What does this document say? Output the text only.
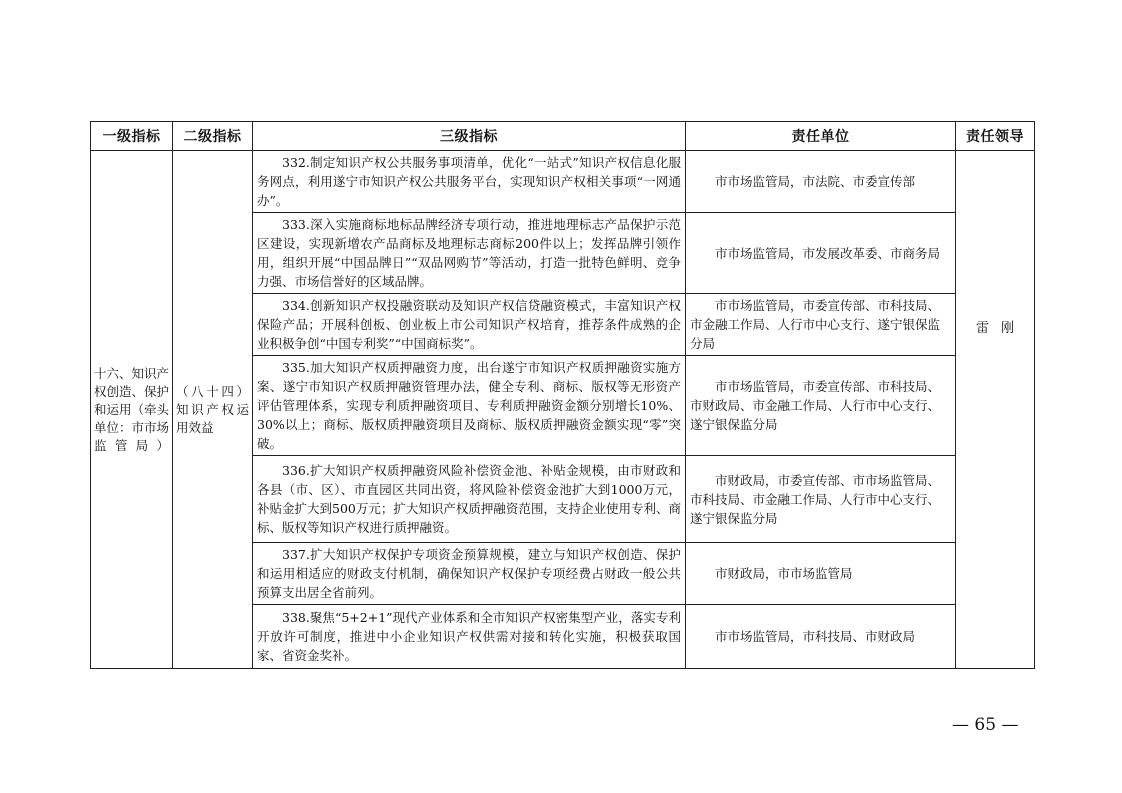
一级指标	二级指标	三级指标	责任单位	责任领导

十六、知识产权创造、保护和运用（牵头单位：市市场监管局）	（八十四）知识产权运用效益	332.制定知识产权公共服务事项清单，优化“一站式”知识产权信息化服务网点，利用遂宁市知识产权公共服务平台，实现知识产权相关事项“一网通办”。	市市场监管局，市法院、市委宣传部	雷刚

		333.深入实施商标地标品牌经济专项行动，推进地理标志产品保护示范区建设，实现新增农产品商标及地理标志商标200件以上；发挥品牌引领作用，组织开展“中国品牌日”“双品网购节”等活动，打造一批特色鲜明、竞争力强、市场信誉好的区域品牌。	市市场监管局，市发展改革委、市商务局	

		334.创新知识产权投融资联动及知识产权信贷融资模式，丰富知识产权保险产品；开展科创板、创业板上市公司知识产权培育，推荐条件成熟的企业积极争创“中国专利奖”“中国商标奖”。	市市场监管局，市委宣传部、市科技局、市金融工作局、人行市中心支行、遂宁银保监分局	

		335.加大知识产权质押融资力度，出台遂宁市知识产权质押融资实施方案、遂宁市知识产权质押融资管理办法，健全专利、商标、版权等无形资产评估管理体系，实现专利质押融资项目、专利质押融资金额分别增长10%、30%以上；商标、版权质押融资项目及商标、版权质押融资金额实现“零”突破。	市市场监管局，市委宣传部、市科技局、市财政局、市金融工作局、人行市中心支行、遂宁银保监分局	

		336.扩大知识产权质押融资风险补偿资金池、补贴金规模，由市财政和各县（市、区）、市直园区共同出资，将风险补偿资金池扩大到1000万元，补贴金扩大到500万元；扩大知识产权质押融资范围，支持企业使用专利、商标、版权等知识产权进行质押融资。	市财政局，市委宣传部、市市场监管局、市科技局、市金融工作局、人行市中心支行、遂宁银保监分局	

		337.扩大知识产权保护专项资金预算规模，建立与知识产权创造、保护和运用相适应的财政支付机制，确保知识产权保护专项经费占财政一般公共预算支出居全省前列。	市财政局，市市场监管局	

		338.聚焦“5+2+1”现代产业体系和全市知识产权密集型产业，落实专利开放许可制度，推进中小企业知识产权供需对接和转化实施，积极获取国家、省资金奖补。	市市场监管局，市科技局、市财政局	
— 65 —
